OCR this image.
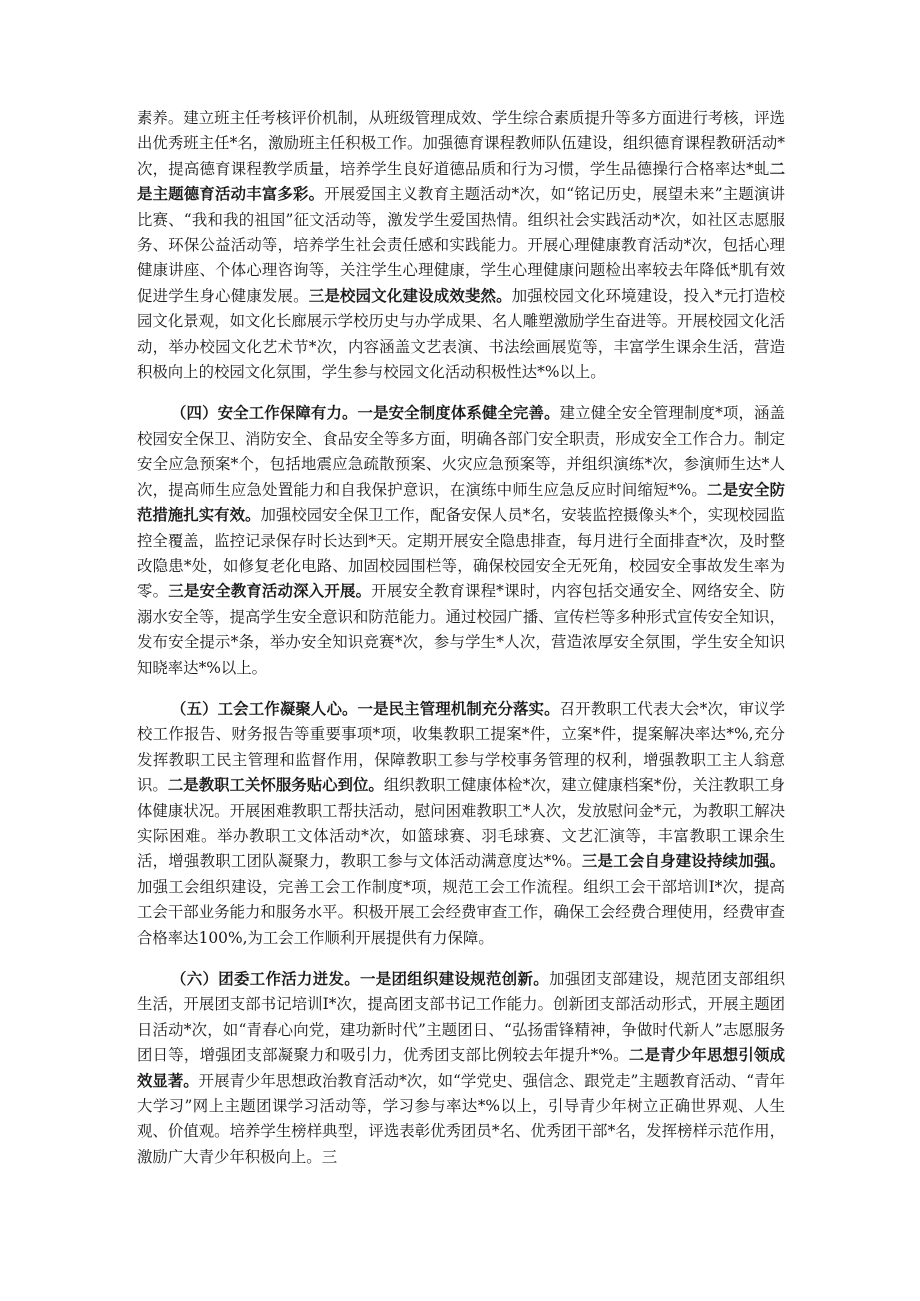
素养。建立班主任考核评价机制，从班级管理成效、学生综合素质提升等多方面进行考核，评选出优秀班主任*名，激励班主任积极工作。加强德育课程教师队伍建设，组织德育课程教研活动*次，提高德育课程教学质量，培养学生良好道德品质和行为习惯，学生品德操行合格率达*虬二是主题德育活动丰富多彩。开展爱国主义教育主题活动*次，如“铭记历史，展望未来”主题演讲比赛、“我和我的祖国”征文活动等，激发学生爱国热情。组织社会实践活动*次，如社区志愿服务、环保公益活动等，培养学生社会责任感和实践能力。开展心理健康教育活动*次，包括心理健康讲座、个体心理咨询等，关注学生心理健康，学生心理健康问题检出率较去年降低*肌有效促进学生身心健康发展。三是校园文化建设成效斐然。加强校园文化环境建设，投入*元打造校园文化景观，如文化长廊展示学校历史与办学成果、名人雕塑激励学生奋进等。开展校园文化活动，举办校园文化艺术节*次，内容涵盖文艺表演、书法绘画展览等，丰富学生课余生活，营造积极向上的校园文化氛围，学生参与校园文化活动积极性达*%以上。

（四）安全工作保障有力。一是安全制度体系健全完善。建立健全安全管理制度*项，涵盖校园安全保卫、消防安全、食品安全等多方面，明确各部门安全职责，形成安全工作合力。制定安全应急预案*个，包括地震应急疏散预案、火灾应急预案等，并组织演练*次，参演师生达*人次，提高师生应急处置能力和自我保护意识，在演练中师生应急反应时间缩短*%。二是安全防范措施扎实有效。加强校园安全保卫工作，配备安保人员*名，安装监控摄像头*个，实现校园监控全覆盖，监控记录保存时长达到*天。定期开展安全隐患排查，每月进行全面排查*次，及时整改隐患*处，如修复老化电路、加固校园围栏等，确保校园安全无死角，校园安全事故发生率为零。三是安全教育活动深入开展。开展安全教育课程*课时，内容包括交通安全、网络安全、防溺水安全等，提高学生安全意识和防范能力。通过校园广播、宣传栏等多种形式宣传安全知识，发布安全提示*条，举办安全知识竞赛*次，参与学生*人次，营造浓厚安全氛围，学生安全知识知晓率达*%以上。

（五）工会工作凝聚人心。一是民主管理机制充分落实。召开教职工代表大会*次，审议学校工作报告、财务报告等重要事项*项，收集教职工提案*件，立案*件，提案解决率达*%,充分发挥教职工民主管理和监督作用，保障教职工参与学校事务管理的权利，增强教职工主人翁意识。二是教职工关怀服务贴心到位。组织教职工健康体检*次，建立健康档案*份，关注教职工身体健康状况。开展困难教职工帮扶活动，慰问困难教职工*人次，发放慰问金*元，为教职工解决实际困难。举办教职工文体活动*次，如篮球赛、羽毛球赛、文艺汇演等，丰富教职工课余生活，增强教职工团队凝聚力，教职工参与文体活动满意度达*%。三是工会自身建设持续加强。加强工会组织建设，完善工会工作制度*项，规范工会工作流程。组织工会干部培训I*次，提高工会干部业务能力和服务水平。积极开展工会经费审查工作，确保工会经费合理使用，经费审查合格率达100%,为工会工作顺利开展提供有力保障。

（六）团委工作活力迸发。一是团组织建设规范创新。加强团支部建设，规范团支部组织生活，开展团支部书记培训I*次，提高团支部书记工作能力。创新团支部活动形式，开展主题团日活动*次，如“青春心向党，建功新时代”主题团日、“弘扬雷锋精神，争做时代新人”志愿服务团日等，增强团支部凝聚力和吸引力，优秀团支部比例较去年提升*%。二是青少年思想引领成效显著。开展青少年思想政治教育活动*次，如“学党史、强信念、跟党走”主题教育活动、“青年大学习”网上主题团课学习活动等，学习参与率达*%以上，引导青少年树立正确世界观、人生观、价值观。培养学生榜样典型，评选表彰优秀团员*名、优秀团干部*名，发挥榜样示范作用，激励广大青少年积极向上。三
